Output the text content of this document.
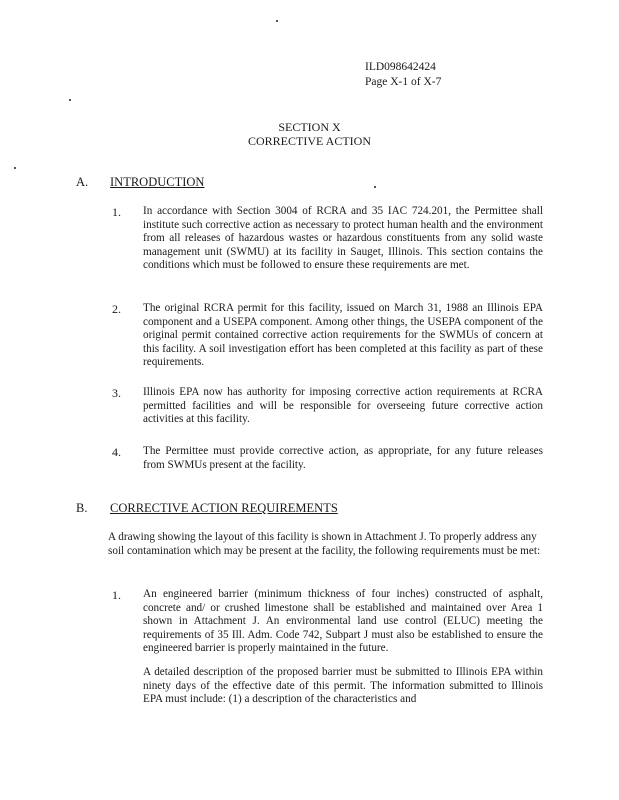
ILD098642424
Page X-1 of X-7
SECTION X
CORRECTIVE ACTION
A. INTRODUCTION
1. In accordance with Section 3004 of RCRA and 35 IAC 724.201, the Permittee shall institute such corrective action as necessary to protect human health and the environment from all releases of hazardous wastes or hazardous constituents from any solid waste management unit (SWMU) at its facility in Sauget, Illinois. This section contains the conditions which must be followed to ensure these requirements are met.
2. The original RCRA permit for this facility, issued on March 31, 1988 an Illinois EPA component and a USEPA component. Among other things, the USEPA component of the original permit contained corrective action requirements for the SWMUs of concern at this facility. A soil investigation effort has been completed at this facility as part of these requirements.
3. Illinois EPA now has authority for imposing corrective action requirements at RCRA permitted facilities and will be responsible for overseeing future corrective action activities at this facility.
4. The Permittee must provide corrective action, as appropriate, for any future releases from SWMUs present at the facility.
B. CORRECTIVE ACTION REQUIREMENTS
A drawing showing the layout of this facility is shown in Attachment J. To properly address any soil contamination which may be present at the facility, the following requirements must be met:
1. An engineered barrier (minimum thickness of four inches) constructed of asphalt, concrete and/ or crushed limestone shall be established and maintained over Area 1 shown in Attachment J. An environmental land use control (ELUC) meeting the requirements of 35 Ill. Adm. Code 742, Subpart J must also be established to ensure the engineered barrier is properly maintained in the future.
A detailed description of the proposed barrier must be submitted to Illinois EPA within ninety days of the effective date of this permit. The information submitted to Illinois EPA must include: (1) a description of the characteristics and
